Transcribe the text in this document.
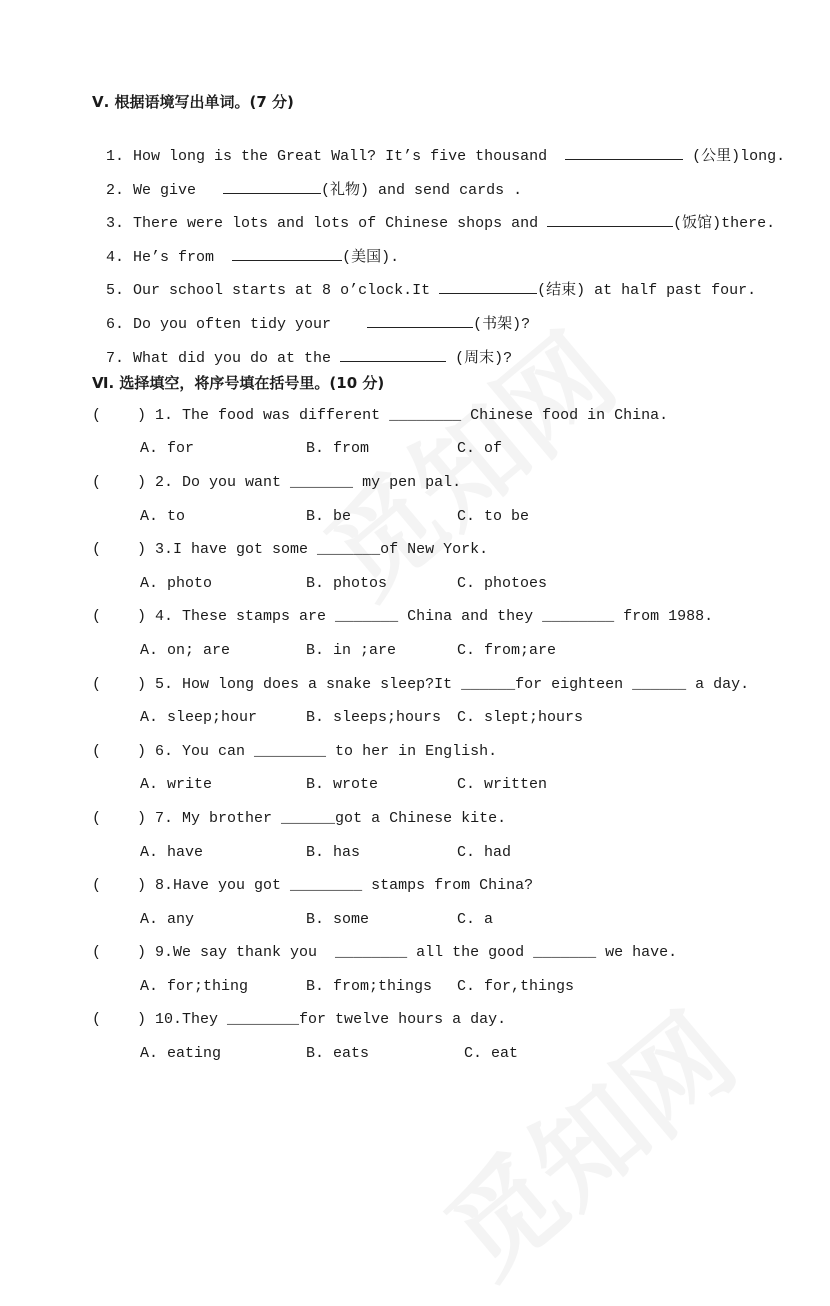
Ⅴ. 根据语境写出单词。(7 分)

1. How long is the Great Wall? It’s five thousand	(公里)long.

2. We give	(礼物) and send cards .

3. There were lots and lots of Chinese shops and	(饭馆)there.

4. He’s from	(美国).

5. Our school starts at 8 o’clock.It	(结束) at half past four.

6. Do you often tidy your	(书架)?

7. What did you do at the	(周末)?
Ⅵ. 选择填空，将序号填在括号里。(10 分)
(    ) 1. The food was different ________ Chinese food in China.
A. for	B. from	C. of
(    ) 2. Do you want _______ my pen pal.
A. to	B. be	C. to be
(    ) 3.I have got some _______of New York.
A. photo	B. photos	C. photoes
(    ) 4. These stamps are _______ China and they ________ from 1988.
A. on; are	B. in ;are	C. from;are
(    ) 5. How long does a snake sleep?It ______for eighteen ______ a day.
A. sleep;hour	B. sleeps;hours C. slept;hours
(    ) 6. You can ________ to her in English.
A. write	B. wrote	C. written
(    ) 7. My brother ______got a Chinese kite.
A. have	B. has	C. had
(    ) 8.Have you got ________ stamps from China?
A. any	B. some	C. a
(    ) 9.We say thank you  ________ all the good _______ we have.
A. for;thing	B. from;things C. for,things
(    ) 10.They ________for twelve hours a day.
A. eating	B. eats	C. eat
